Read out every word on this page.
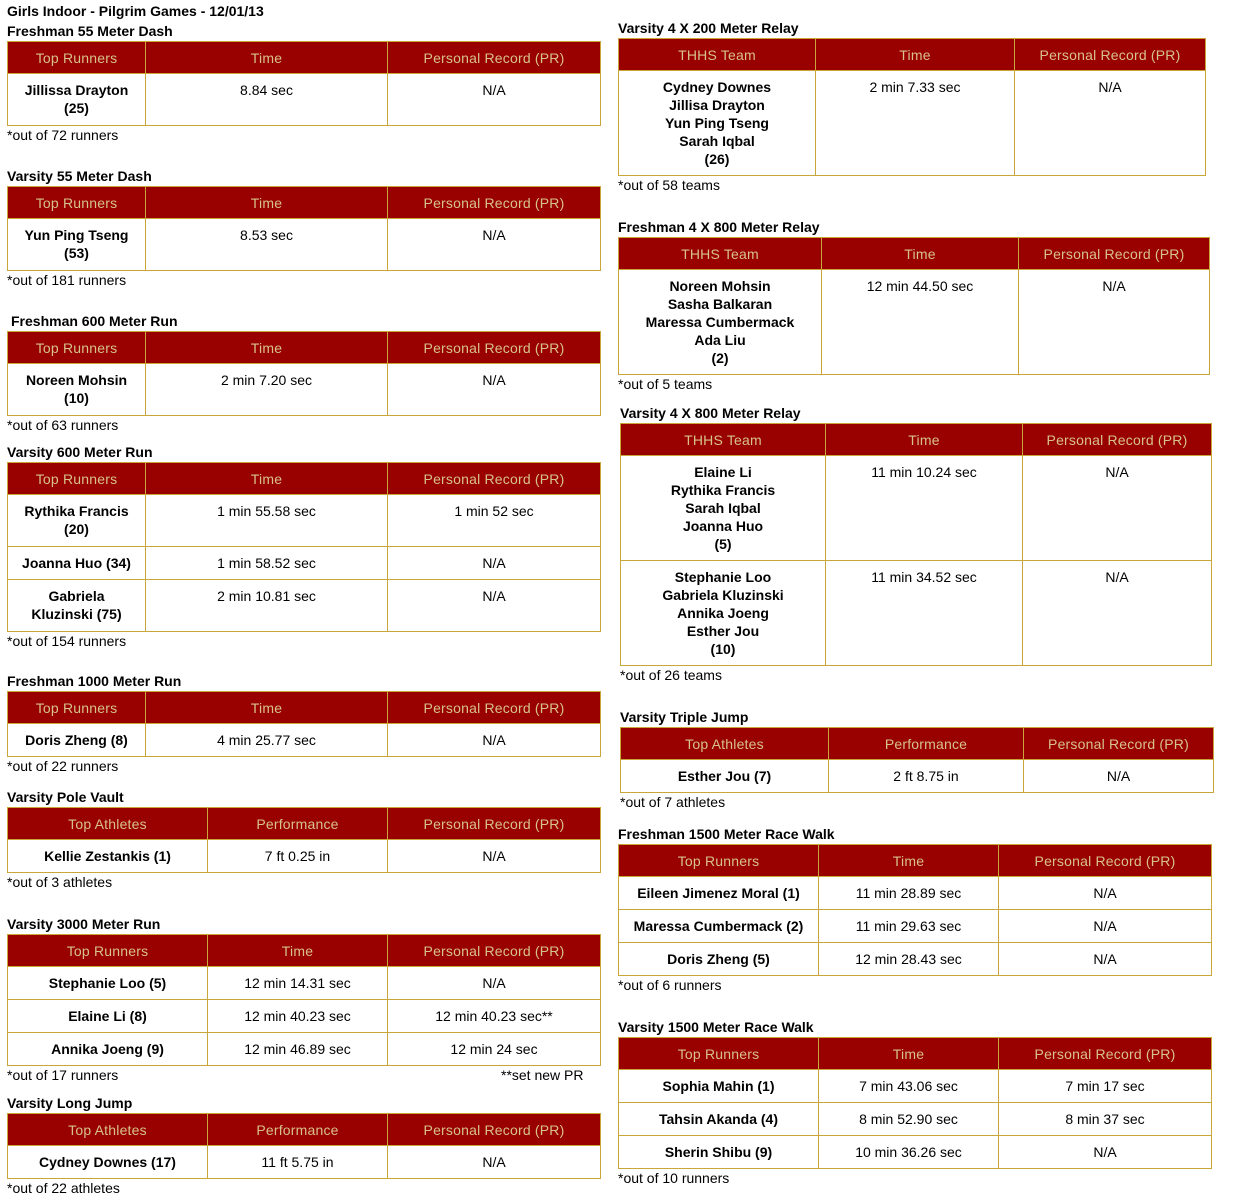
Girls Indoor - Pilgrim Games - 12/01/13
Freshman 55 Meter Dash
Top Runners	Time	Personal Record (PR)

Jillissa Drayton
(25)	8.84 sec	N/A
*out of 72 runners
Varsity 55 Meter Dash
Top Runners	Time	Personal Record (PR)

Yun Ping Tseng
(53)	8.53 sec	N/A
*out of 181 runners
Freshman 600 Meter Run
Top Runners	Time	Personal Record (PR)

Noreen Mohsin
(10)	2 min 7.20 sec	N/A
*out of 63 runners
Varsity 600 Meter Run
Top Runners	Time	Personal Record (PR)

Rythika Francis
(20)	1 min 55.58 sec	1 min 52 sec

Joanna Huo (34)	1 min 58.52 sec	N/A

Gabriela
Kluzinski (75)	2 min 10.81 sec	N/A
*out of 154 runners
Freshman 1000 Meter Run
Top Runners	Time	Personal Record (PR)

Doris Zheng (8)	4 min 25.77 sec	N/A
*out of 22 runners
Varsity Pole Vault
Top Athletes	Performance	Personal Record (PR)

Kellie Zestankis (1)	7 ft 0.25 in	N/A
*out of 3 athletes
Varsity 3000 Meter Run
Top Runners	Time	Personal Record (PR)

Stephanie Loo (5)	12 min 14.31 sec	N/A

Elaine Li (8)	12 min 40.23 sec	12 min 40.23 sec**

Annika Joeng (9)	12 min 46.89 sec	12 min 24 sec
*out of 17 runners	**set new PR
Varsity Long Jump
Top Athletes	Performance	Personal Record (PR)

Cydney Downes (17)	11 ft 5.75 in	N/A
*out of 22 athletes
Varsity 4 X 200 Meter Relay
THHS Team	Time	Personal Record (PR)

Cydney Downes
Jillisa Drayton
Yun Ping Tseng
Sarah Iqbal
(26)	2 min 7.33 sec	N/A
*out of 58 teams
Freshman 4 X 800 Meter Relay
THHS Team	Time	Personal Record (PR)

Noreen Mohsin
Sasha Balkaran
Maressa Cumbermack
Ada Liu
(2)	12 min 44.50 sec	N/A
*out of 5 teams
Varsity 4 X 800 Meter Relay
THHS Team	Time	Personal Record (PR)

Elaine Li
Rythika Francis
Sarah Iqbal
Joanna Huo
(5)	11 min 10.24 sec	N/A

Stephanie Loo
Gabriela Kluzinski
Annika Joeng
Esther Jou
(10)	11 min 34.52 sec	N/A
*out of 26 teams
Varsity Triple Jump
Top Athletes	Performance	Personal Record (PR)

Esther Jou (7)	2 ft 8.75 in	N/A
*out of 7 athletes
Freshman 1500 Meter Race Walk
Top Runners	Time	Personal Record (PR)

Eileen Jimenez Moral (1)	11 min 28.89 sec	N/A

Maressa Cumbermack (2)	11 min 29.63 sec	N/A

Doris Zheng (5)	12 min 28.43 sec	N/A
*out of 6 runners
Varsity 1500 Meter Race Walk
Top Runners	Time	Personal Record (PR)

Sophia Mahin (1)	7 min 43.06 sec	7 min 17 sec

Tahsin Akanda (4)	8 min 52.90 sec	8 min 37 sec

Sherin Shibu (9)	10 min 36.26 sec	N/A
*out of 10 runners
